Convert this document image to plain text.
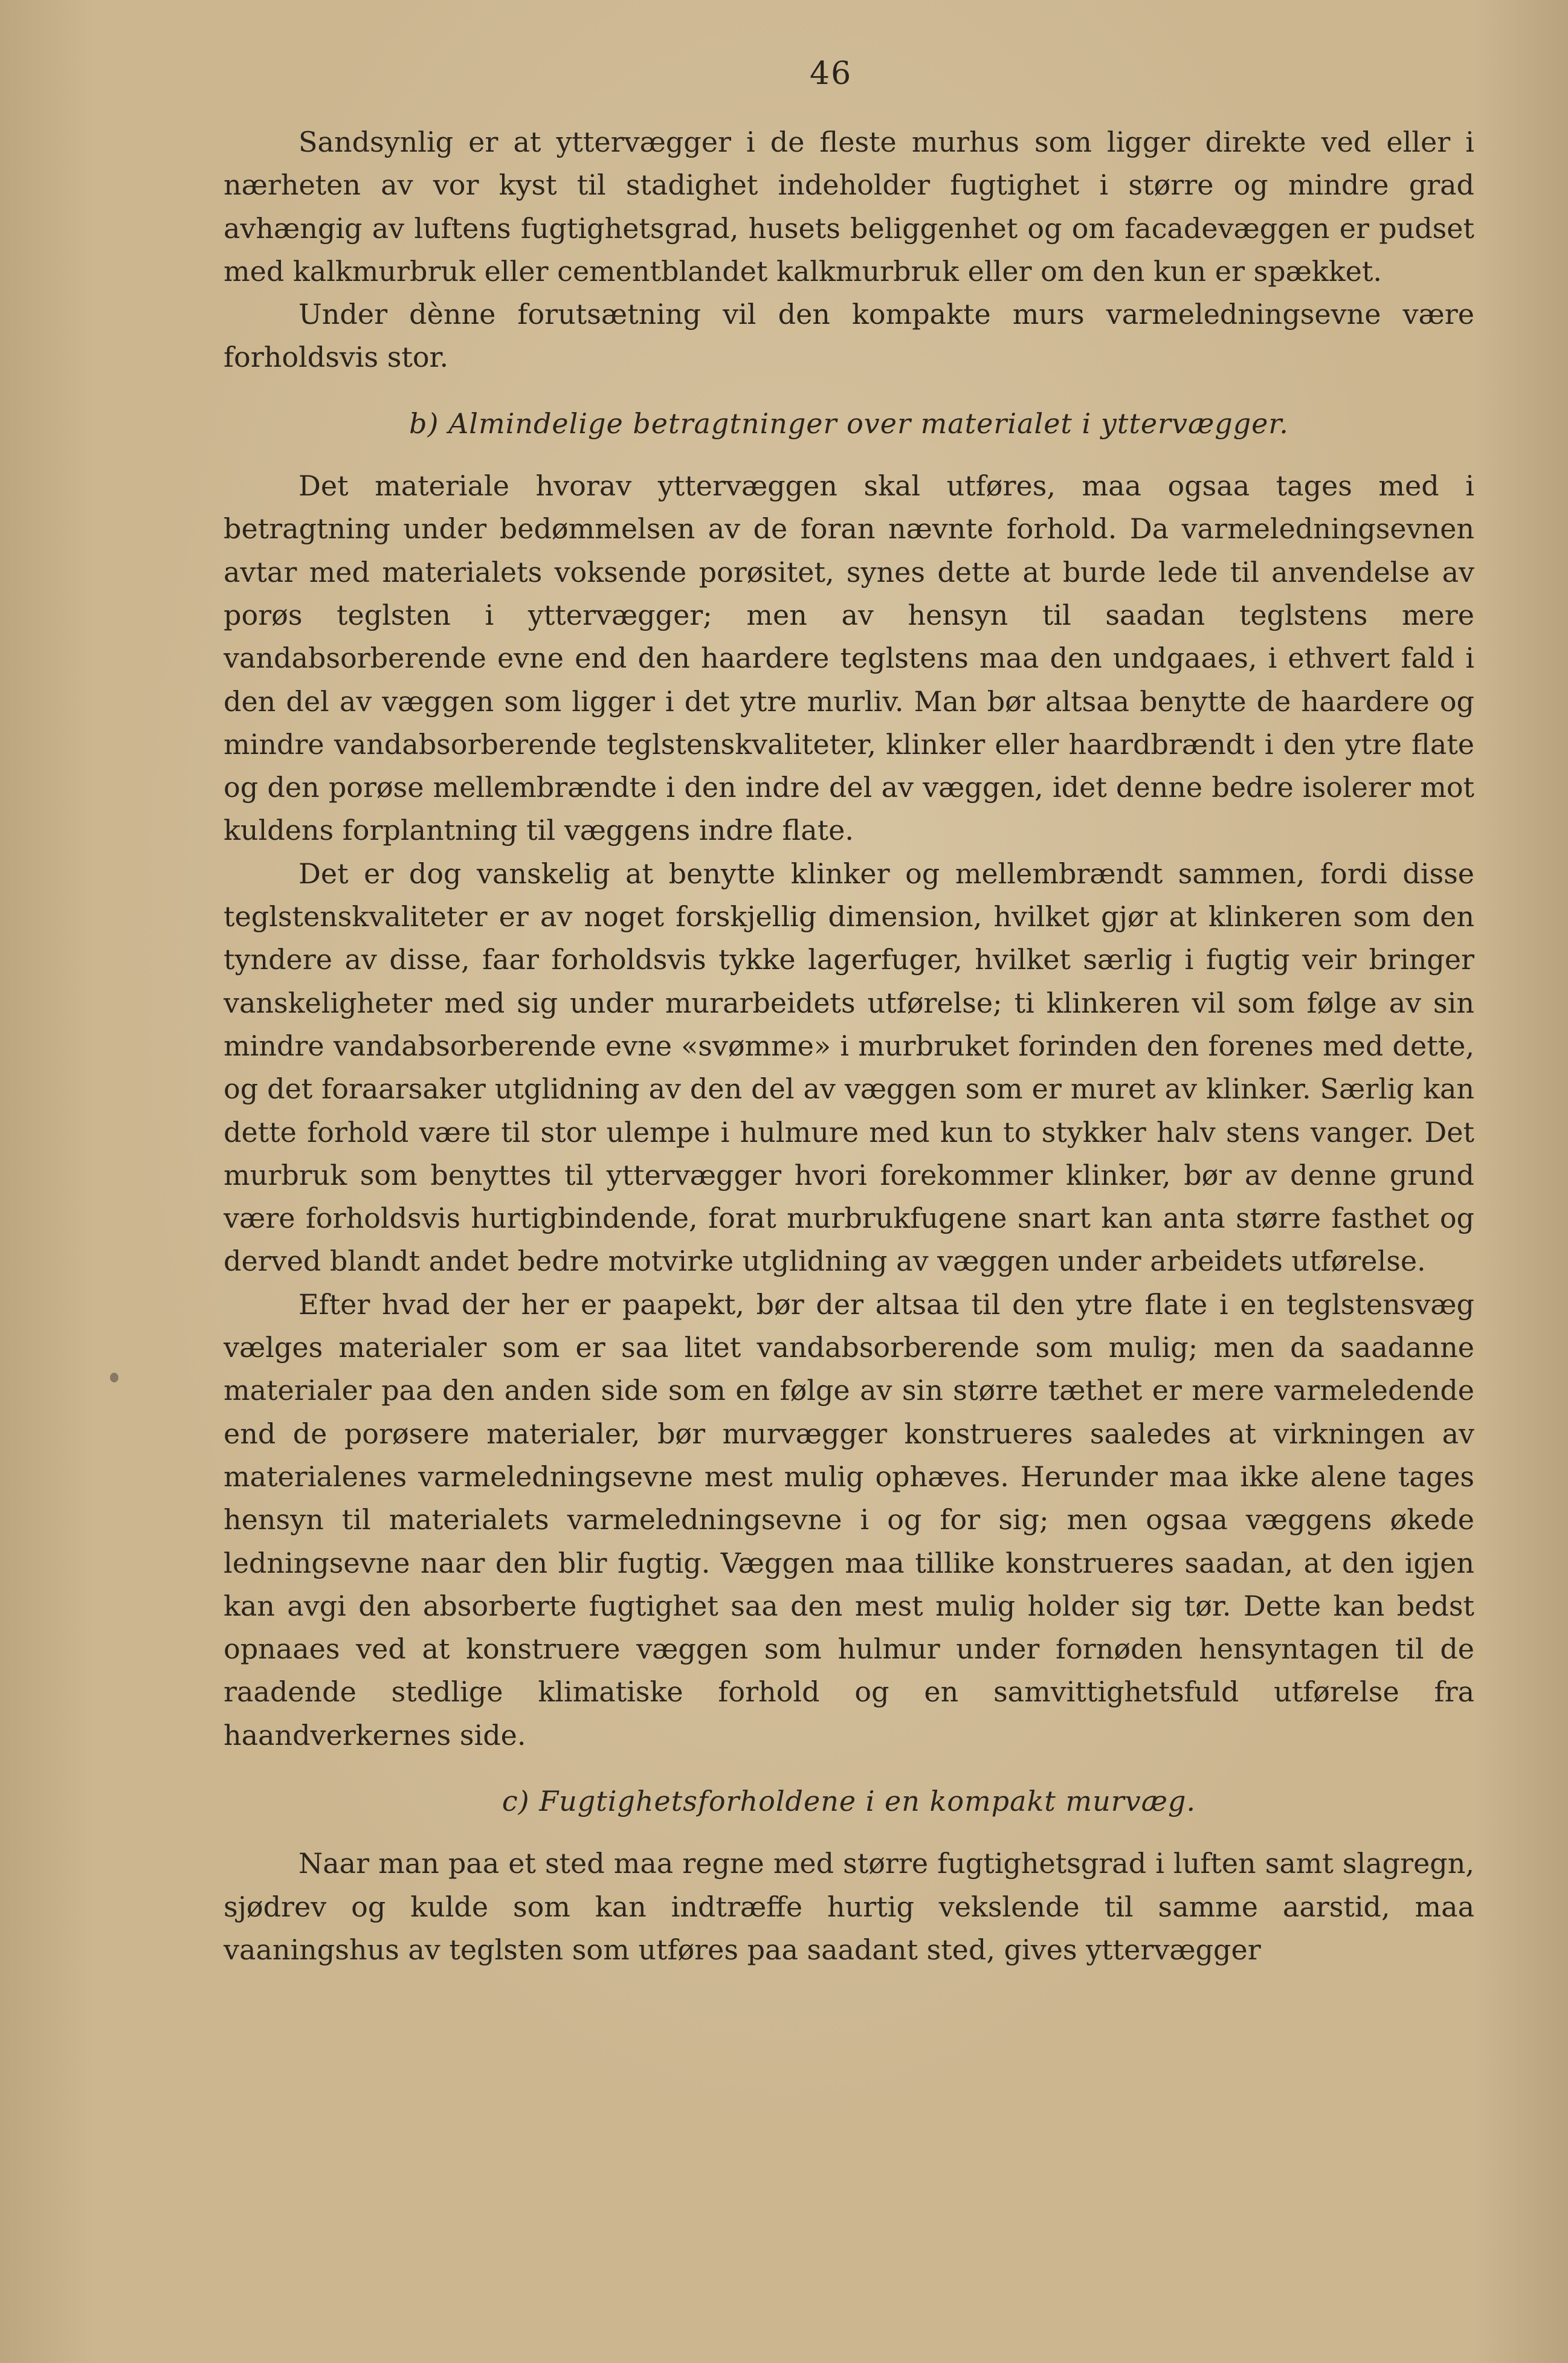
46

Sandsynlig er at yttervægger i de fleste murhus som ligger direkte ved eller i nærheten av vor kyst til stadighet indeholder fugtighet i større og mindre grad avhængig av luftens fugtighetsgrad, husets beliggenhet og om facadevæggen er pudset med kalkmurbruk eller cementblandet kalkmurbruk eller om den kun er spækket.

Under dènne forutsætning vil den kompakte murs varmeledningsevne være forholdsvis stor.

b) Almindelige betragtninger over materialet i yttervægger.

Det materiale hvorav yttervæggen skal utføres, maa ogsaa tages med i betragtning under bedømmelsen av de foran nævnte forhold. Da varmeledningsevnen avtar med materialets voksende porøsitet, synes dette at burde lede til anvendelse av porøs teglsten i yttervægger; men av hensyn til saadan teglstens mere vandabsorberende evne end den haardere teglstens maa den undgaaes, i ethvert fald i den del av væggen som ligger i det ytre murliv. Man bør altsaa benytte de haardere og mindre vandabsorberende teglstenskvaliteter, klinker eller haardbrændt i den ytre flate og den porøse mellembrændte i den indre del av væggen, idet denne bedre isolerer mot kuldens forplantning til væggens indre flate.

Det er dog vanskelig at benytte klinker og mellembrændt sammen, fordi disse teglstenskvaliteter er av noget forskjellig dimension, hvilket gjør at klinkeren som den tyndere av disse, faar forholdsvis tykke lagerfuger, hvilket særlig i fugtig veir bringer vanskeligheter med sig under murarbeidets utførelse; ti klinkeren vil som følge av sin mindre vandabsorberende evne «svømme» i murbruket forinden den forenes med dette, og det foraarsaker utglidning av den del av væggen som er muret av klinker. Særlig kan dette forhold være til stor ulempe i hulmure med kun to stykker halv stens vanger. Det murbruk som benyttes til yttervægger hvori forekommer klinker, bør av denne grund være forholdsvis hurtigbindende, forat murbrukfugene snart kan anta større fasthet og derved blandt andet bedre motvirke utglidning av væggen under arbeidets utførelse.

Efter hvad der her er paapekt, bør der altsaa til den ytre flate i en teglstensvæg vælges materialer som er saa litet vandabsorberende som mulig; men da saadanne materialer paa den anden side som en følge av sin større tæthet er mere varmeledende end de porøsere materialer, bør murvægger konstrueres saaledes at virkningen av materialenes varmeledningsevne mest mulig ophæves. Herunder maa ikke alene tages hensyn til materialets varmeledningsevne i og for sig; men ogsaa væggens økede ledningsevne naar den blir fugtig. Væggen maa tillike konstrueres saadan, at den igjen kan avgi den absorberte fugtighet saa den mest mulig holder sig tør. Dette kan bedst opnaaes ved at konstruere væggen som hulmur under fornøden hensyntagen til de raadende stedlige klimatiske forhold og en samvittighetsfuld utførelse fra haandverkernes side.

c) Fugtighetsforholdene i en kompakt murvæg.

Naar man paa et sted maa regne med større fugtighetsgrad i luften samt slagregn, sjødrev og kulde som kan indtræffe hurtig vekslende til samme aarstid, maa vaaningshus av teglsten som utføres paa saadant sted, gives yttervægger
